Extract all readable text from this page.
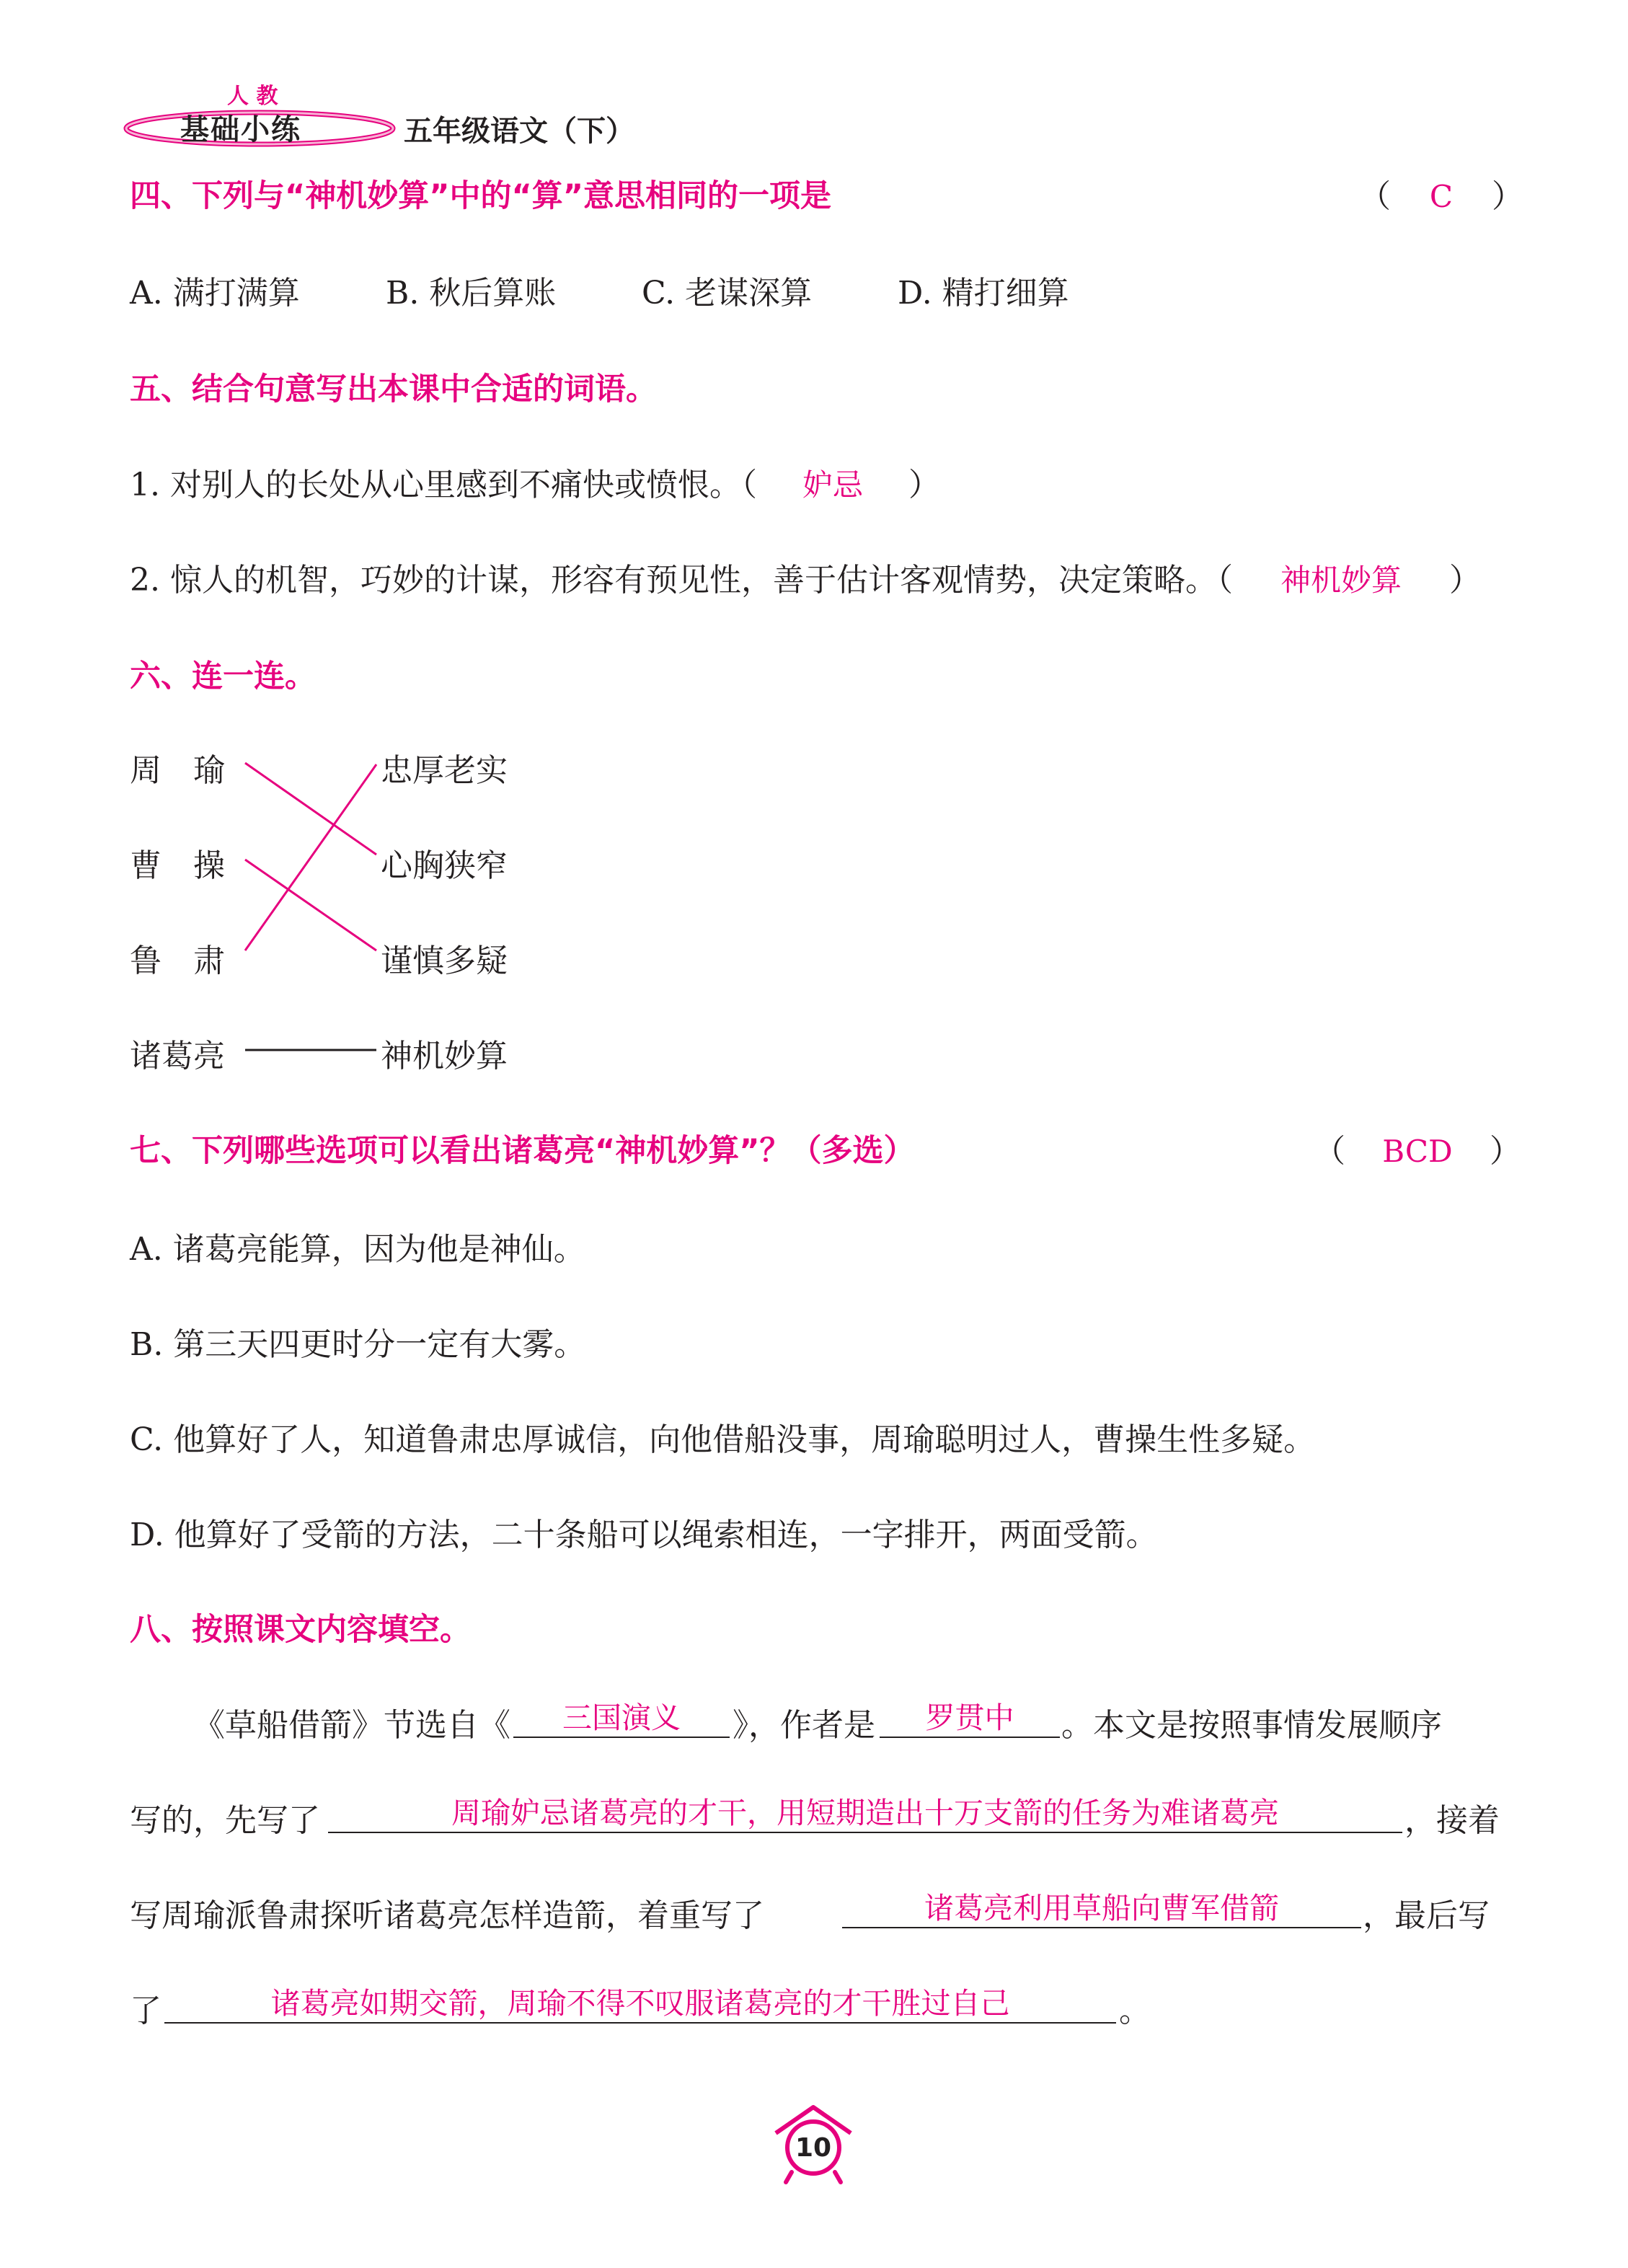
人 教
基础小练	五年级语文（下）
四、下列与“神机妙算”中的“算”意思相同的一项是	（ C ）
A. 满打满算	B. 秋后算账	C. 老谋深算	D. 精打细算
五、结合句意写出本课中合适的词语。
1. 对别人的长处从心里感到不痛快或愤恨。（ 妒忌 ）
2. 惊人的机智，巧妙的计谋，形容有预见性，善于估计客观情势，决定策略。（ 神机妙算 ）
六、连一连。
周　瑜
曹　操
鲁　肃
诸葛亮
忠厚老实
心胸狭窄
谨慎多疑
神机妙算
七、下列哪些选项可以看出诸葛亮“神机妙算”？（多选）	（ BCD ）
A. 诸葛亮能算，因为他是神仙。
B. 第三天四更时分一定有大雾。
C. 他算好了人，知道鲁肃忠厚诚信，向他借船没事，周瑜聪明过人，曹操生性多疑。
D. 他算好了受箭的方法，二十条船可以绳索相连，一字排开，两面受箭。
八、按照课文内容填空。
《草船借箭》节选自《	三国演义	》，作者是	罗贯中	。本文是按照事情发展顺序
写的，先写了	周瑜妒忌诸葛亮的才干，用短期造出十万支箭的任务为难诸葛亮	，接着
写周瑜派鲁肃探听诸葛亮怎样造箭，着重写了	诸葛亮利用草船向曹军借箭	，最后写
了	诸葛亮如期交箭，周瑜不得不叹服诸葛亮的才干胜过自己	。
10
